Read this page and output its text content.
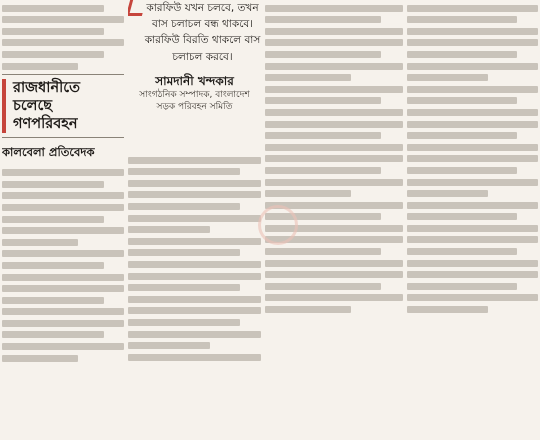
রাজধানীতে চলেছে
গণপরিবহন
কালবেলা প্রতিবেদক
কারফিউ যখন চলবে, তখন
বাস চলাচল বন্ধ থাকবে।
কারফিউ বিরতি থাকলে বাস
চলাচল করবে।
সামদানী খন্দকার
সাংগঠনিক সম্পাদক, বাংলাদেশ
সড়ক পরিবহন সমিতি
